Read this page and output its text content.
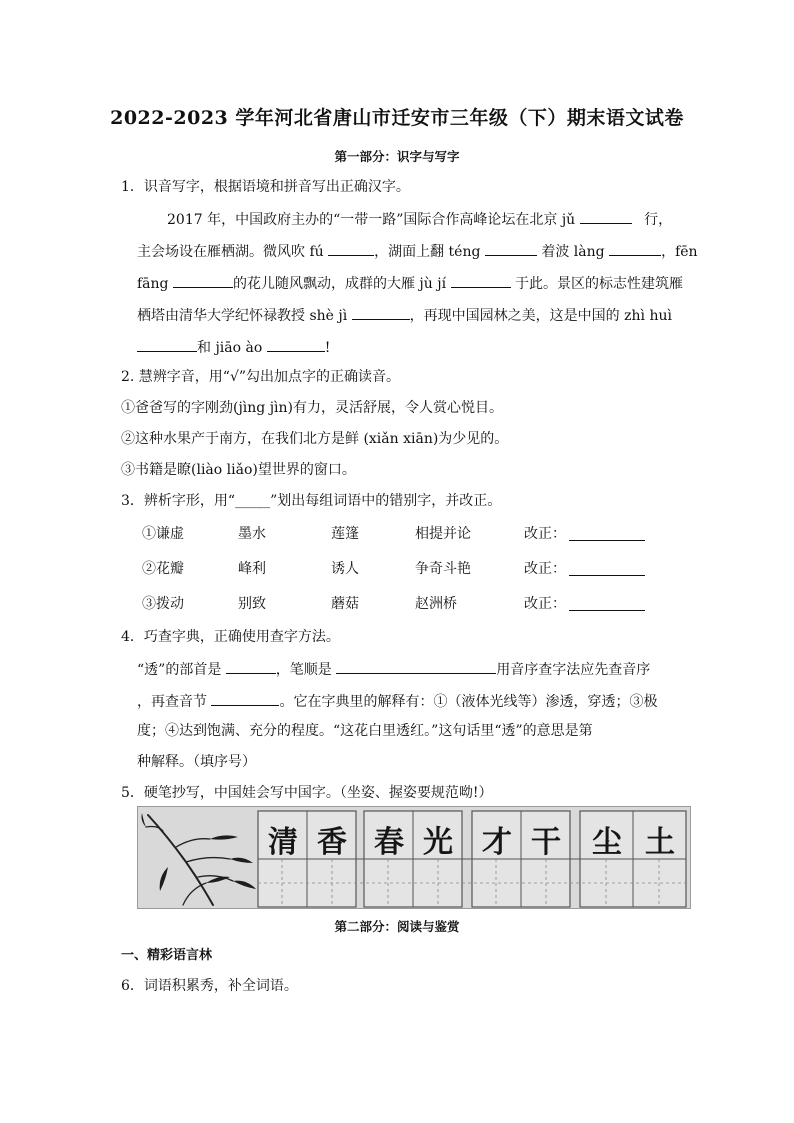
2022-2023 学年河北省唐山市迁安市三年级（下）期末语文试卷
第一部分：识字与写字
1．识音写字，根据语境和拼音写出正确汉字。
2017 年，中国政府主办的“一带一路”国际合作高峰论坛在北京 jǔ	行，
主会场设在雁栖湖。微风吹 fú	，湖面上翻 téng	着波 làng	，fēn
fāng	的花儿随风飘动，成群的大雁 jù jí	于此。景区的标志性建筑雁
栖塔由清华大学纪怀禄教授 shè jì	，再现中国园林之美，这是中国的 zhì huì
和 jiāo ào	!
2. 慧辨字音，用“√”勾出加点字的正确读音。
①爸爸写的字刚劲(jìng jìn)有力，灵活舒展，令人赏心悦目。
②这种水果产于南方，在我们北方是鲜 (xiǎn xiān)为少见的。
③书籍是瞭(liào liǎo)望世界的窗口。
3．辨析字形，用“_____”划出每组词语中的错别字，并改正。
①谦虚	墨水	莲篷	相提并论	改正：
②花瓣	峰利	诱人	争奇斗艳	改正：
③拨动	别致	蘑菇	赵洲桥	改正：
4．巧查字典，正确使用查字方法。
“透”的部首是	，笔顺是	用音序查字法应先查音序
，再查音节	。它在字典里的解释有：①（液体光线等）渗透，穿透；③极
度；④达到饱满、充分的程度。“这花白里透红。”这句话里“透”的意思是第
种解释。（填序号）
5．硬笔抄写，中国娃会写中国字。（坐姿、握姿要规范呦!）
清 香 春 光 才 干 尘 土
第二部分：阅读与鉴赏
一、精彩语言林
6．词语积累秀，补全词语。
